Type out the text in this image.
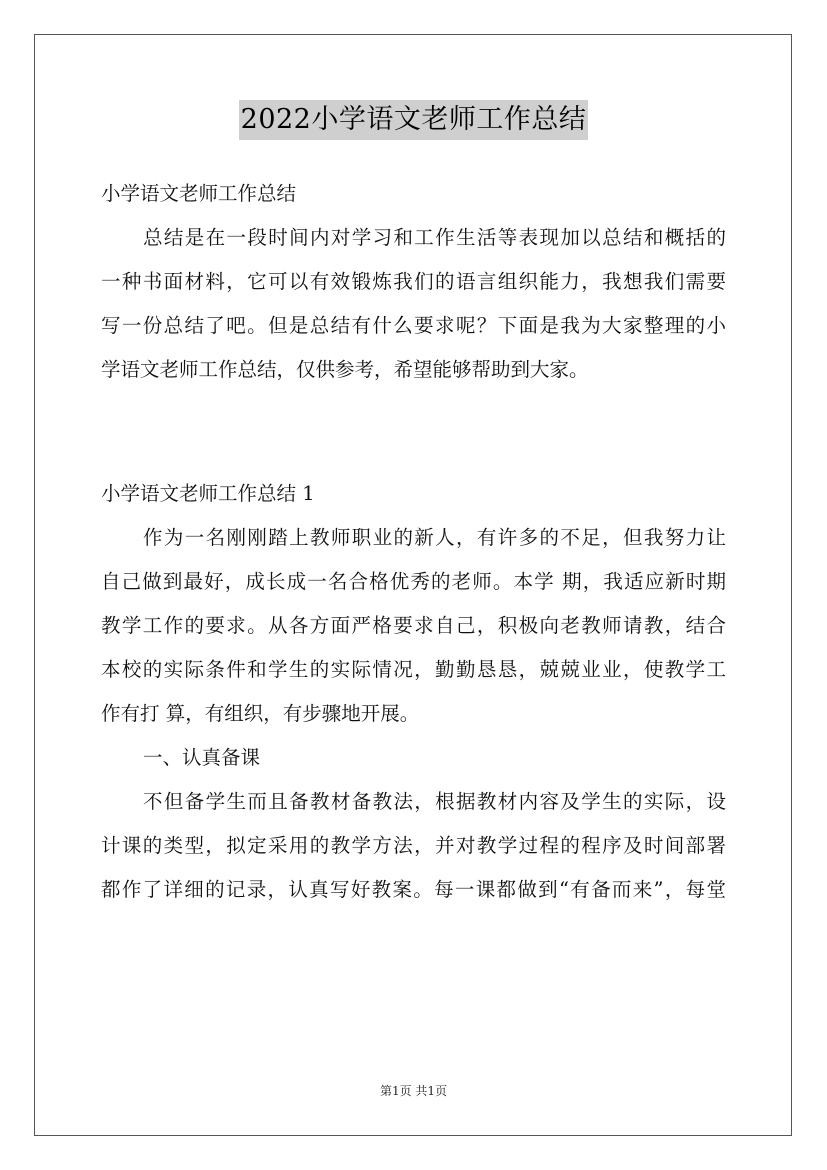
2022小学语文老师工作总结
小学语文老师工作总结
总结是在一段时间内对学习和工作生活等表现加以总结和概括的
一种书面材料，它可以有效锻炼我们的语言组织能力，我想我们需要
写一份总结了吧。但是总结有什么要求呢？下面是我为大家整理的小
学语文老师工作总结，仅供参考，希望能够帮助到大家。
小学语文老师工作总结 1
作为一名刚刚踏上教师职业的新人，有许多的不足，但我努力让
自己做到最好，成长成一名合格优秀的老师。本学 期，我适应新时期
教学工作的要求。从各方面严格要求自己，积极向老教师请教，结合
本校的实际条件和学生的实际情况，勤勤恳恳，兢兢业业，使教学工
作有打 算，有组织，有步骤地开展。
一、认真备课
不但备学生而且备教材备教法，根据教材内容及学生的实际，设
计课的类型，拟定采用的教学方法，并对教学过程的程序及时间部署
都作了详细的记录，认真写好教案。每一课都做到“有备而来”，每堂
第1页 共1页
